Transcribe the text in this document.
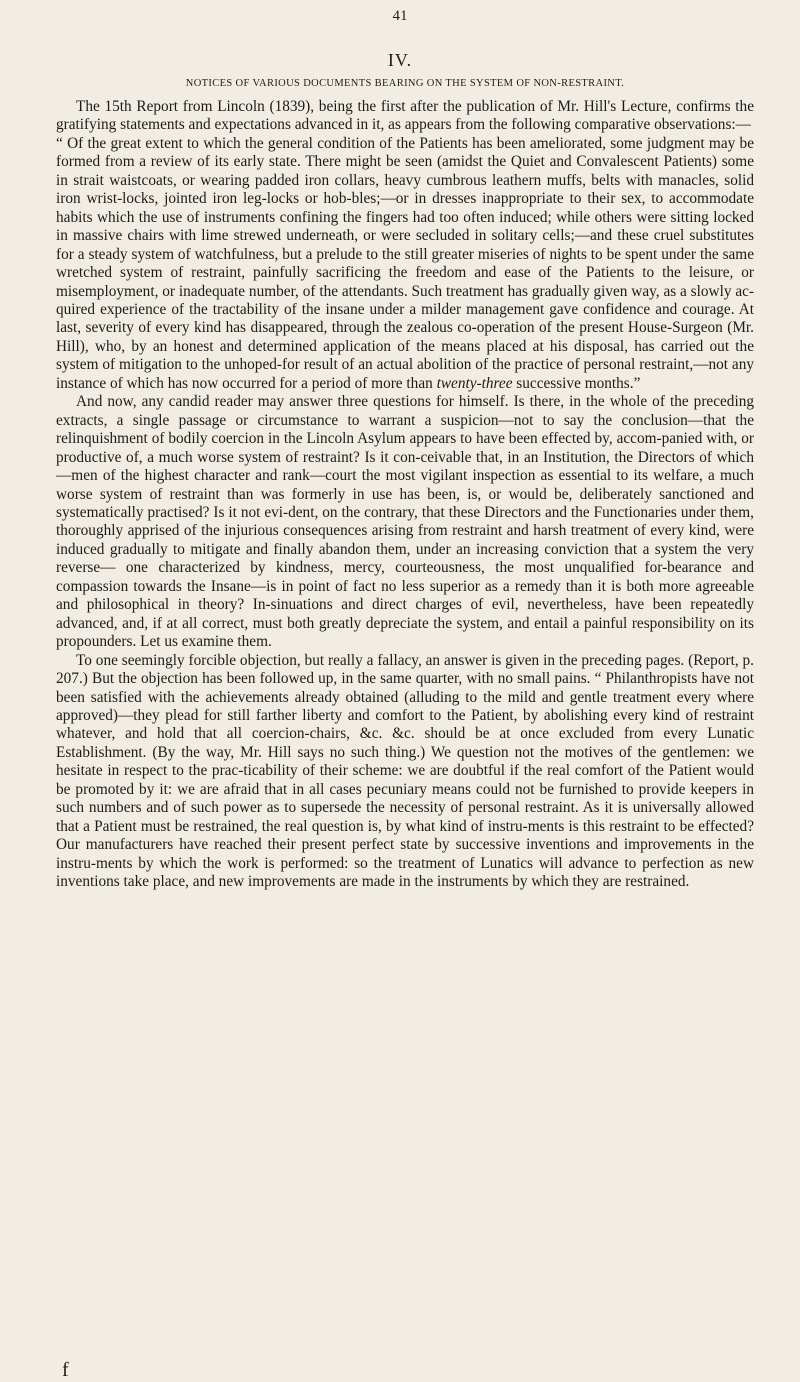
41
IV.
NOTICES OF VARIOUS DOCUMENTS BEARING ON THE SYSTEM OF NON-RESTRAINT.

The 15th Report from Lincoln (1839), being the first after the publication of Mr. Hill's Lecture, confirms the gratifying statements and expectations advanced in it, as appears from the following comparative observations:—

“ Of the great extent to which the general condition of the Patients has been ameliorated, some judgment may be formed from a review of its early state. There might be seen (amidst the Quiet and Convalescent Patients) some in strait waistcoats, or wearing padded iron collars, heavy cumbrous leathern muffs, belts with manacles, solid iron wrist-locks, jointed iron leg-locks or hob-bles;—or in dresses inappropriate to their sex, to accommodate habits which the use of instruments confining the fingers had too often induced; while others were sitting locked in massive chairs with lime strewed underneath, or were secluded in solitary cells;—and these cruel substitutes for a steady system of watchfulness, but a prelude to the still greater miseries of nights to be spent under the same wretched system of restraint, painfully sacrificing the freedom and ease of the Patients to the leisure, or misemployment, or inadequate number, of the attendants. Such treatment has gradually given way, as a slowly ac-quired experience of the tractability of the insane under a milder management gave confidence and courage. At last, severity of every kind has disappeared, through the zealous co-operation of the present House-Surgeon (Mr. Hill), who, by an honest and determined application of the means placed at his disposal, has carried out the system of mitigation to the unhoped-for result of an actual abolition of the practice of personal restraint,—not any instance of which has now occurred for a period of more than twenty-three successive months.”

And now, any candid reader may answer three questions for himself. Is there, in the whole of the preceding extracts, a single passage or circumstance to warrant a suspicion—not to say the conclusion—that the relinquishment of bodily coercion in the Lincoln Asylum appears to have been effected by, accom-panied with, or productive of, a much worse system of restraint? Is it con-ceivable that, in an Institution, the Directors of which—men of the highest character and rank—court the most vigilant inspection as essential to its welfare, a much worse system of restraint than was formerly in use has been, is, or would be, deliberately sanctioned and systematically practised? Is it not evi-dent, on the contrary, that these Directors and the Functionaries under them, thoroughly apprised of the injurious consequences arising from restraint and harsh treatment of every kind, were induced gradually to mitigate and finally abandon them, under an increasing conviction that a system the very reverse— one characterized by kindness, mercy, courteousness, the most unqualified for-bearance and compassion towards the Insane—is in point of fact no less superior as a remedy than it is both more agreeable and philosophical in theory? In-sinuations and direct charges of evil, nevertheless, have been repeatedly advanced, and, if at all correct, must both greatly depreciate the system, and entail a painful responsibility on its propounders. Let us examine them.

To one seemingly forcible objection, but really a fallacy, an answer is given in the preceding pages. (Report, p. 207.) But the objection has been followed up, in the same quarter, with no small pains. “ Philanthropists have not been satisfied with the achievements already obtained (alluding to the mild and gentle treatment every where approved)—they plead for still farther liberty and comfort to the Patient, by abolishing every kind of restraint whatever, and hold that all coercion-chairs, &c. &c. should be at once excluded from every Lunatic Establishment. (By the way, Mr. Hill says no such thing.) We question not the motives of the gentlemen: we hesitate in respect to the prac-ticability of their scheme: we are doubtful if the real comfort of the Patient would be promoted by it: we are afraid that in all cases pecuniary means could not be furnished to provide keepers in such numbers and of such power as to supersede the necessity of personal restraint. As it is universally allowed that a Patient must be restrained, the real question is, by what kind of instru-ments is this restraint to be effected? Our manufacturers have reached their present perfect state by successive inventions and improvements in the instru-ments by which the work is performed: so the treatment of Lunatics will advance to perfection as new inventions take place, and new improvements are made in the instruments by which they are restrained.

f
